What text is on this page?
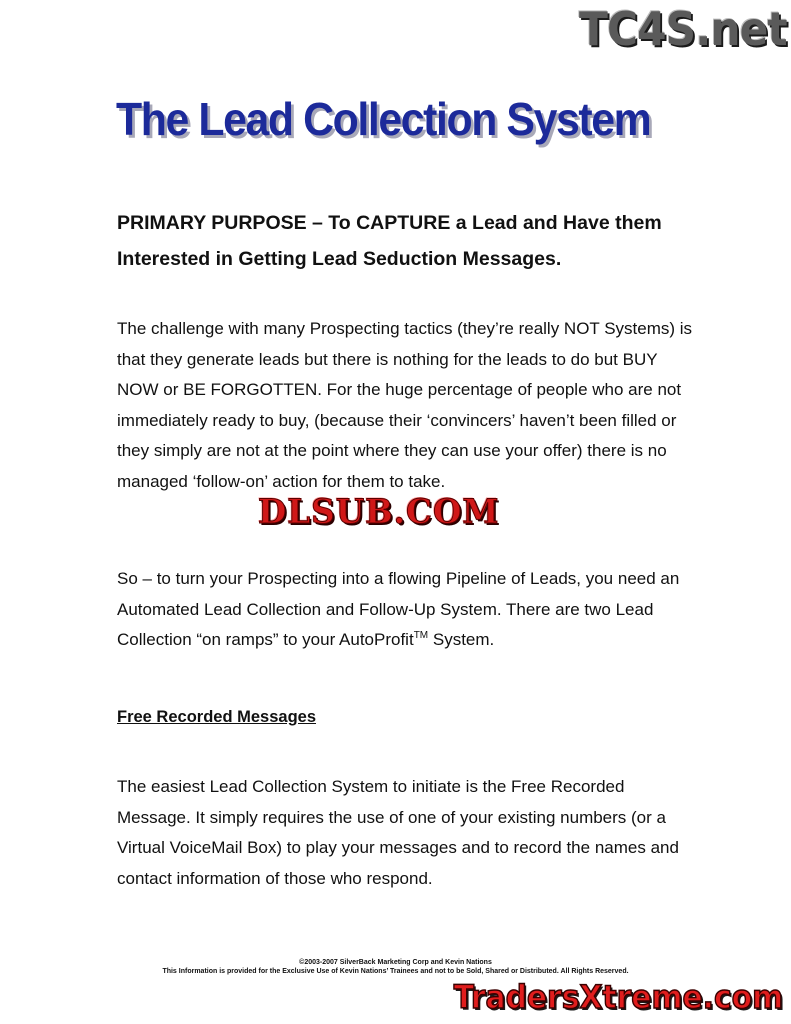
TC4S.net
The Lead Collection System

PRIMARY PURPOSE – To CAPTURE a Lead and Have them Interested in Getting Lead Seduction Messages.

The challenge with many Prospecting tactics (they’re really NOT Systems) is that they generate leads but there is nothing for the leads to do but BUY NOW or BE FORGOTTEN. For the huge percentage of people who are not immediately ready to buy, (because their ‘convincers’ haven’t been filled or they simply are not at the point where they can use your offer) there is no managed ‘follow-on’ action for them to take.

DLSUB.COM

So – to turn your Prospecting into a flowing Pipeline of Leads, you need an Automated Lead Collection and Follow-Up System. There are two Lead Collection “on ramps” to your AutoProfit™ System.

Free Recorded Messages

The easiest Lead Collection System to initiate is the Free Recorded Message. It simply requires the use of one of your existing numbers (or a Virtual VoiceMail Box) to play your messages and to record the names and contact information of those who respond.

©2003-2007 SilverBack Marketing Corp and Kevin Nations
This Information is provided for the Exclusive Use of Kevin Nations’ Trainees and not to be Sold, Shared or Distributed. All Rights Reserved.
TradersXtreme.com
